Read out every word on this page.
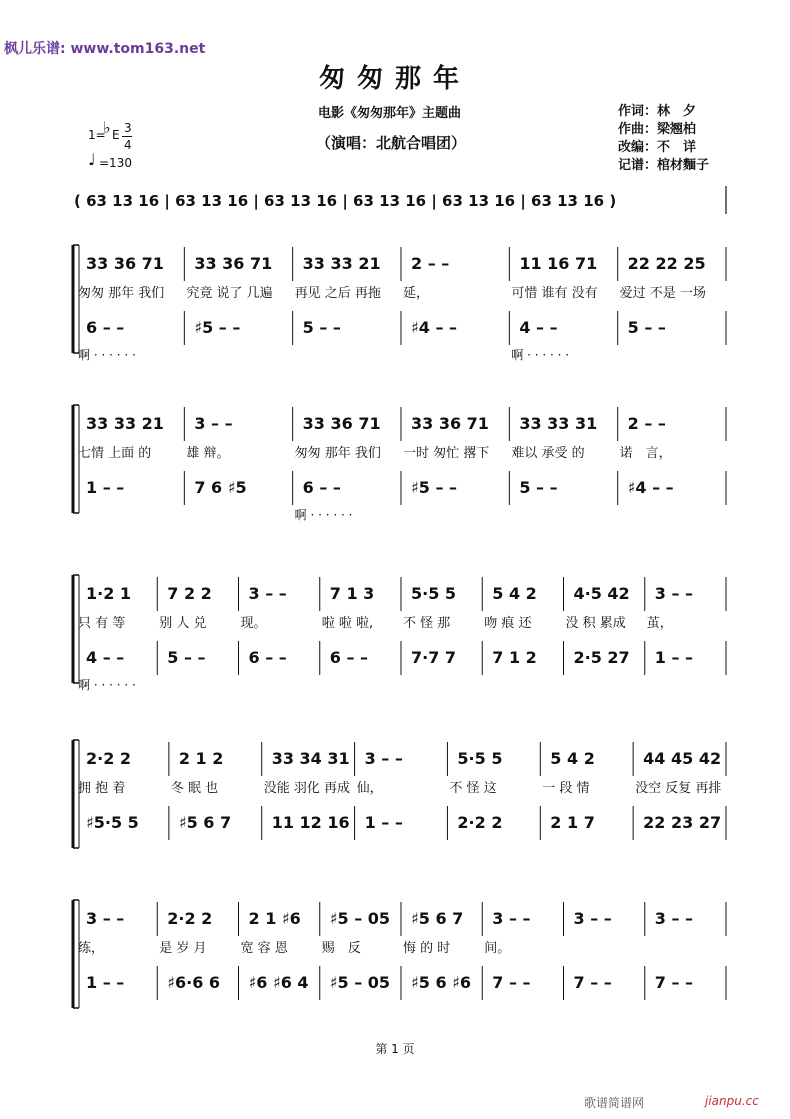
枫儿乐谱: www.tom163.net
匆匆那年
电影《匆匆那年》主题曲
（演唱：北航合唱团）
作词：林　夕
作曲：梁翘柏
改编：不　详
记谱：棺材麵子
1=
♭ E 3
4
♩ =130
( 63 13 16 | 63 13 16 | 63 13 16 | 63 13 16 | 63 13 16 | 63 13 16 )
33 36 71
匆匆 那年 我们
6 – –
啊 · · · · · ·
33 36 71
究竟 说了 几遍
♯5 – –
33 33 21
再见 之后 再拖
5 – –
2 – –
延，
♯4 – –
11 16 71
可惜 谁有 没有
4 – –
啊 · · · · · ·
22 22 25
爱过 不是 一场
5 – –
33 33 21
七情 上面 的
1 – –
3 – –
雄 辩。
7 6 ♯5
33 36 71
匆匆 那年 我们
6 – –
啊 · · · · · ·
33 36 71
一时 匆忙 撂下
♯5 – –
33 33 31
难以 承受 的
5 – –
2 – –
诺　言，
♯4 – –
1·2 1
只 有 等
4 – –
啊 · · · · · ·
7 2 2
别 人 兑
5 – –
3 – –
现。
6 – –
7 1 3
啦 啦 啦,
6 – –
5·5 5
不 怪 那
7·7 7
5 4 2
吻 痕 还
7 1 2
4·5 42
没 积 累成
2·5 27
3 – –
茧，
1 – –
2·2 2
拥 抱 着
♯5·5 5
2 1 2
冬 眠 也
♯5 6 7
33 34 31
没能 羽化 再成
11 12 16
3 – –
仙，
1 – –
5·5 5
不 怪 这
2·2 2
5 4 2
一 段 情
2 1 7
44 45 42
没空 反复 再排
22 23 27
3 – –
练，
1 – –
2·2 2
是 岁 月
♯6·6 6
2 1 ♯6
宽 容 恩
♯6 ♯6 4
♯5 – 05
赐　反
♯5 – 05
♯5 6 7
悔 的 时
♯5 6 ♯6
3 – –
间。
7 – –
3 – –
7 – –
3 – –
7 – –
第 1 页
歌谱简谱网	jianpu.cc
